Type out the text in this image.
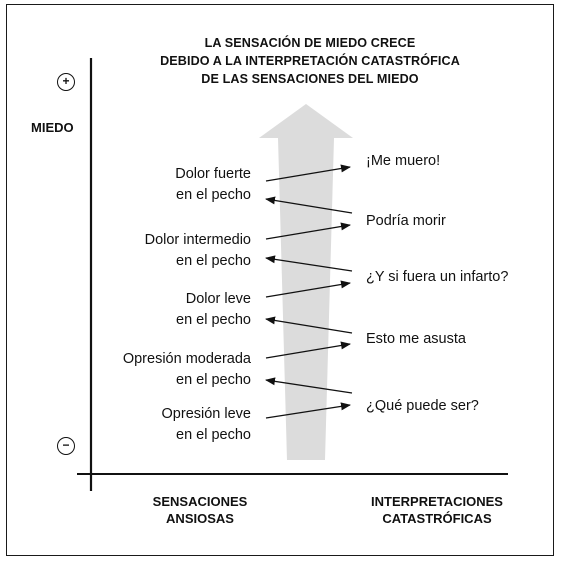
LA SENSACIÓN DE MIEDO CRECE
DEBIDO A LA INTERPRETACIÓN CATASTRÓFICA
DE LAS SENSACIONES DEL MIEDO
+
MIEDO
−
Dolor fuerte
en el pecho
Dolor intermedio
en el pecho
Dolor leve
en el pecho
Opresión moderada
en el pecho
Opresión leve
en el pecho
¡Me muero!
Podría morir
¿Y si fuera un infarto?
Esto me asusta
¿Qué puede ser?
SENSACIONES
ANSIOSAS
INTERPRETACIONES
CATASTRÓFICAS
